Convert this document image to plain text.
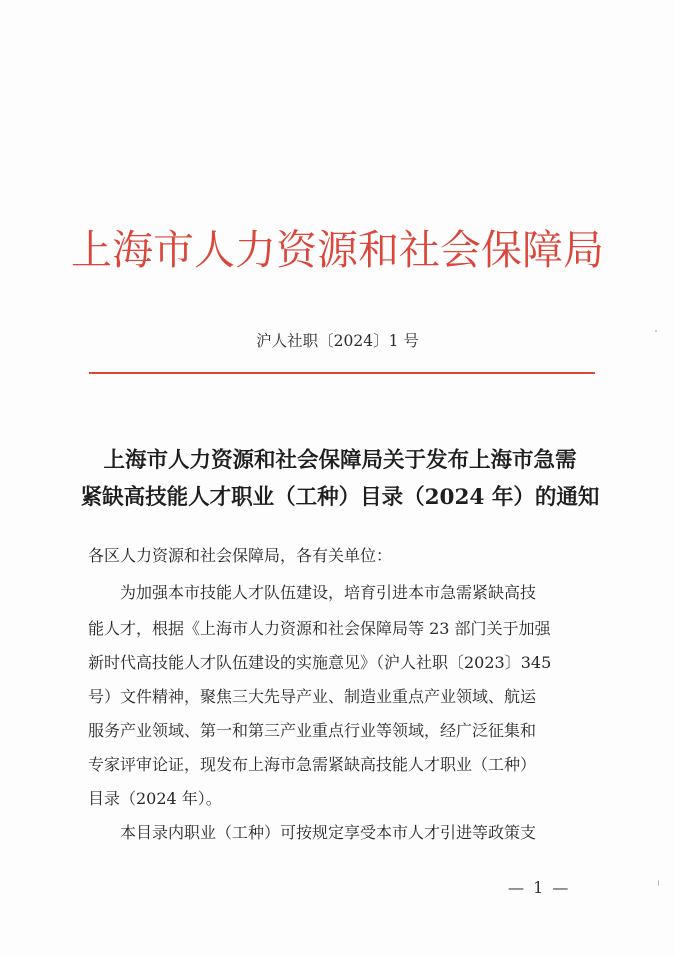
上海市人力资源和社会保障局
沪人社职〔2024〕1 号
上海市人力资源和社会保障局关于发布上海市急需
紧缺高技能人才职业（工种）目录（2024 年）的通知
各区人力资源和社会保障局，各有关单位：
为加强本市技能人才队伍建设，培育引进本市急需紧缺高技
能人才，根据《上海市人力资源和社会保障局等 23 部门关于加强
新时代高技能人才队伍建设的实施意见》（沪人社职〔2023〕345
号）文件精神，聚焦三大先导产业、制造业重点产业领域、航运
服务产业领域、第一和第三产业重点行业等领域，经广泛征集和
专家评审论证，现发布上海市急需紧缺高技能人才职业（工种）
目录（2024 年）。
本目录内职业（工种）可按规定享受本市人才引进等政策支
— 1 —
